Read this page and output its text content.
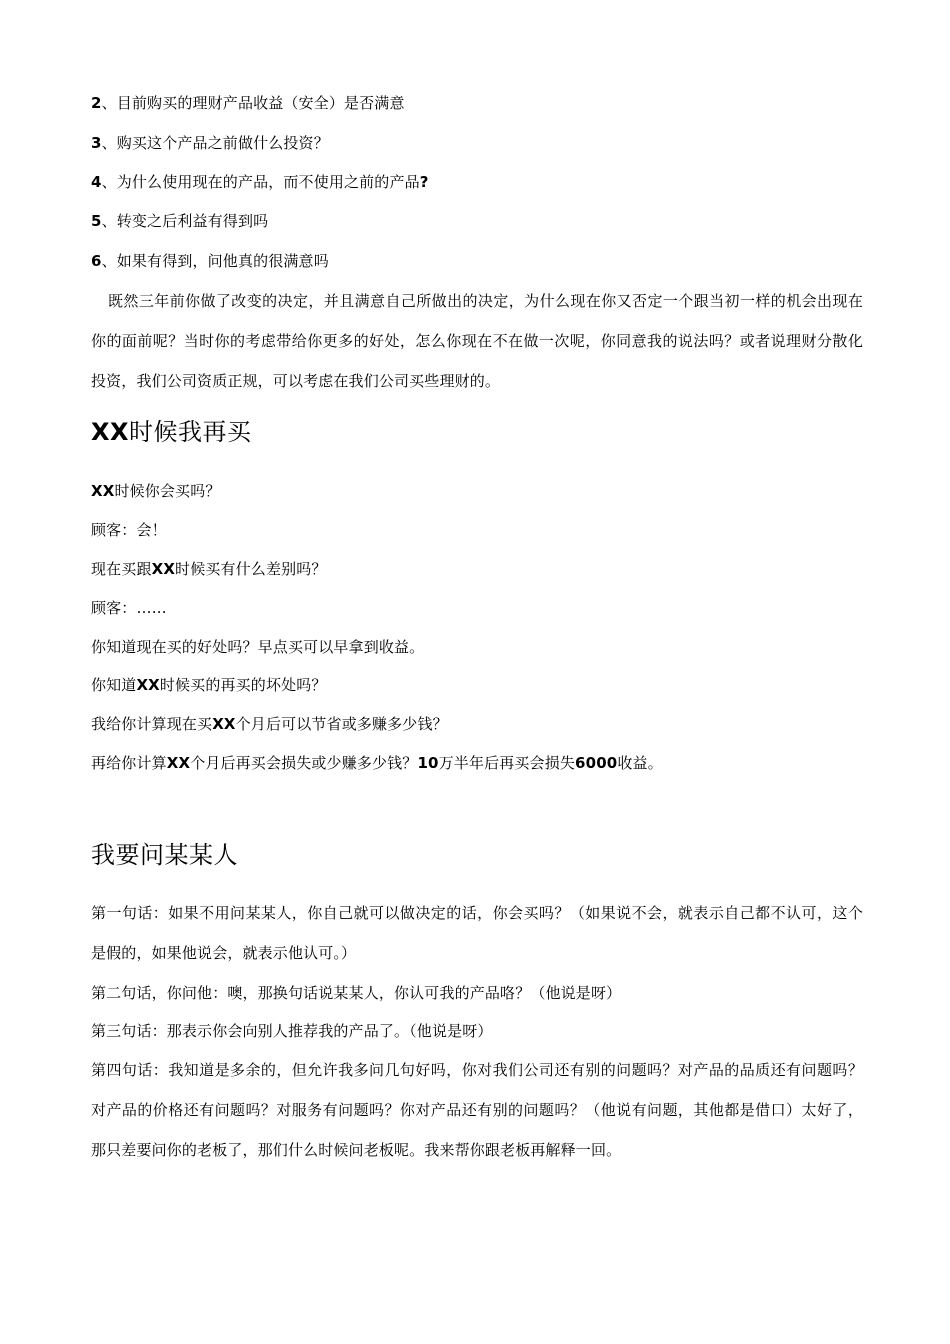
2、目前购买的理财产品收益（安全）是否满意
3、购买这个产品之前做什么投资？
4、为什么使用现在的产品，而不使用之前的产品?
5、转变之后利益有得到吗
6、如果有得到，问他真的很满意吗
既然三年前你做了改变的决定，并且满意自己所做出的决定，为什么现在你又否定一个跟当初一样的机会出现在你的面前呢？当时你的考虑带给你更多的好处，怎么你现在不在做一次呢，你同意我的说法吗？或者说理财分散化投资，我们公司资质正规，可以考虑在我们公司买些理财的。
XX时候我再买
XX时候你会买吗？
顾客：会！
现在买跟XX时候买有什么差别吗？
顾客：……
你知道现在买的好处吗？早点买可以早拿到收益。
你知道XX时候买的再买的坏处吗？
我给你计算现在买XX个月后可以节省或多赚多少钱？
再给你计算XX个月后再买会损失或少赚多少钱？10万半年后再买会损失6000收益。
我要问某某人
第一句话：如果不用问某某人，你自己就可以做决定的话，你会买吗？（如果说不会，就表示自己都不认可，这个是假的，如果他说会，就表示他认可。）
第二句话，你问他：噢，那换句话说某某人，你认可我的产品咯？（他说是呀）
第三句话：那表示你会向别人推荐我的产品了。（他说是呀）
第四句话：我知道是多余的，但允许我多问几句好吗，你对我们公司还有别的问题吗？对产品的品质还有问题吗？对产品的价格还有问题吗？对服务有问题吗？你对产品还有别的问题吗？（他说有问题，其他都是借口）太好了，那只差要问你的老板了，那们什么时候问老板呢。我来帮你跟老板再解释一回。
